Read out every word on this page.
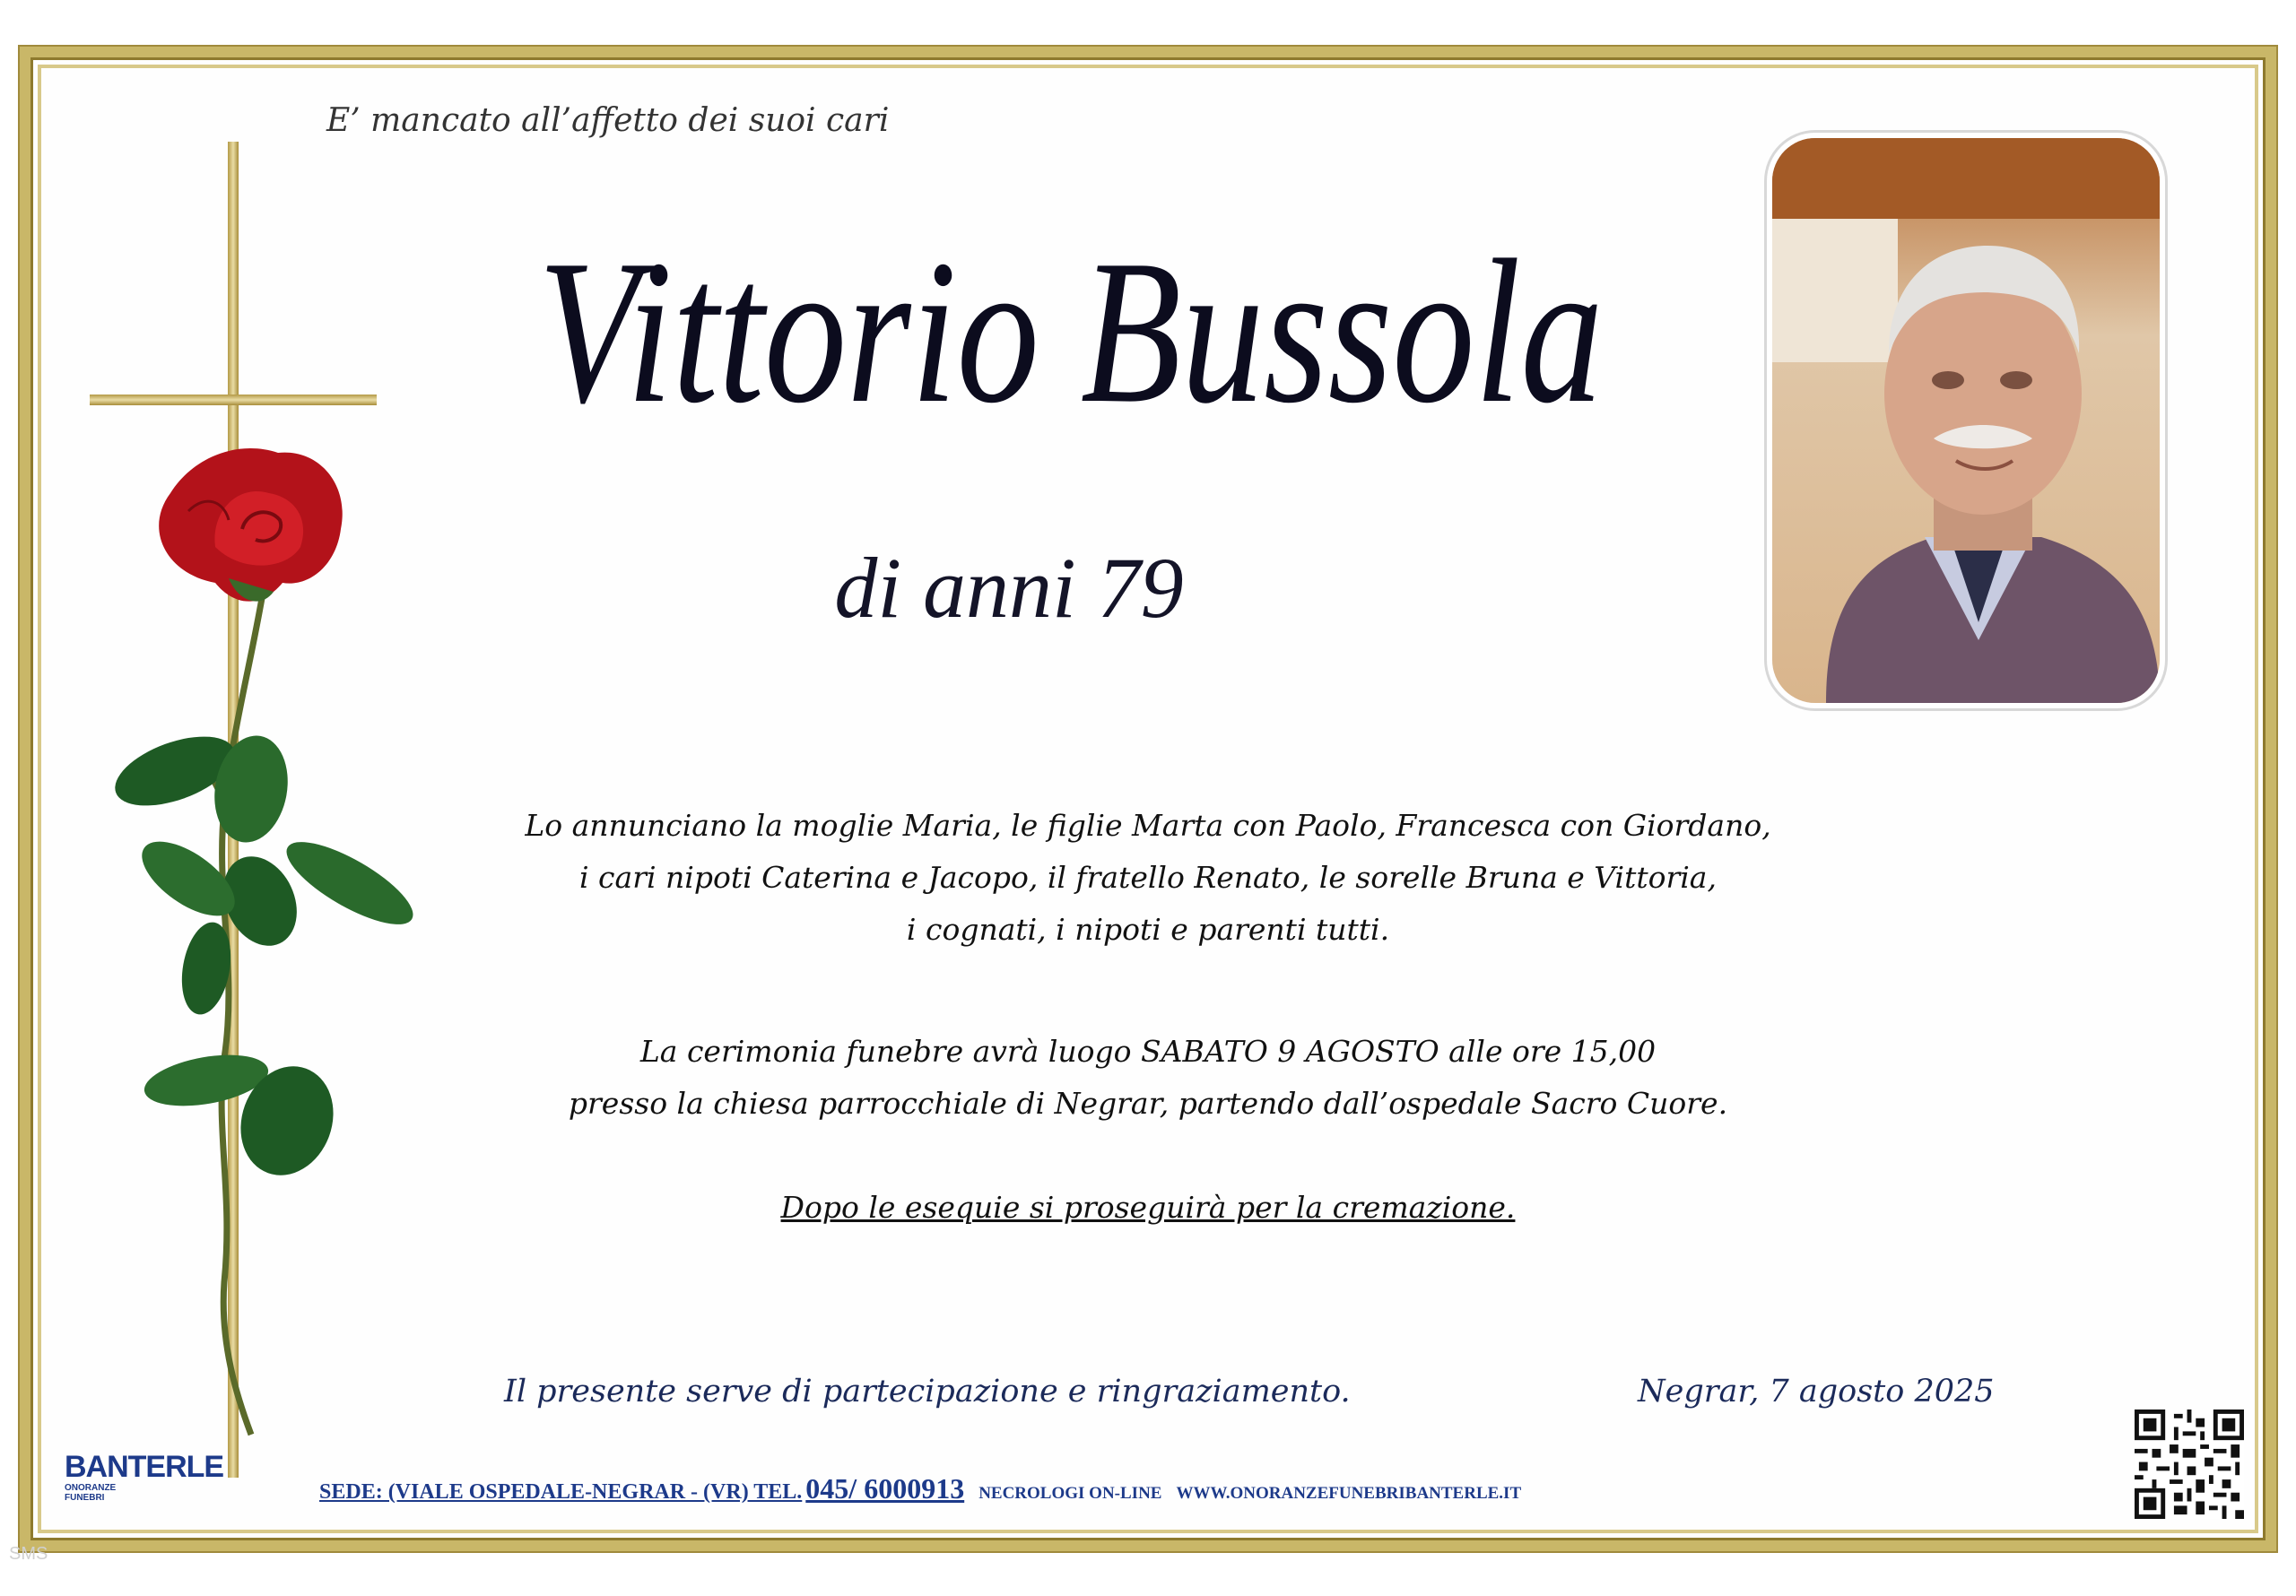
E’ mancato all’affetto dei suoi cari
Vittorio Bussola
di anni 79

Lo annunciano la moglie Maria, le figlie Marta con Paolo, Francesca con Giordano,

i cari nipoti Caterina e Jacopo, il fratello Renato, le sorelle Bruna e Vittoria,

i cognati, i nipoti e parenti tutti.

La cerimonia funebre avrà luogo SABATO 9 AGOSTO alle ore 15,00

presso la chiesa parrocchiale di Negrar, partendo dall’ospedale Sacro Cuore.

Dopo le esequie si proseguirà per la cremazione.

Il presente serve di partecipazione e ringraziamento.	Negrar, 7 agosto 2025
BANTERLE
ONORANZE
FUNEBRI	SEDE: (VIALE OSPEDALE-NEGRAR - (VR) TEL. 045/ 6000913 NECROLOGI ON-LINE WWW.ONORANZEFUNEBRIBANTERLE.IT
SMS
